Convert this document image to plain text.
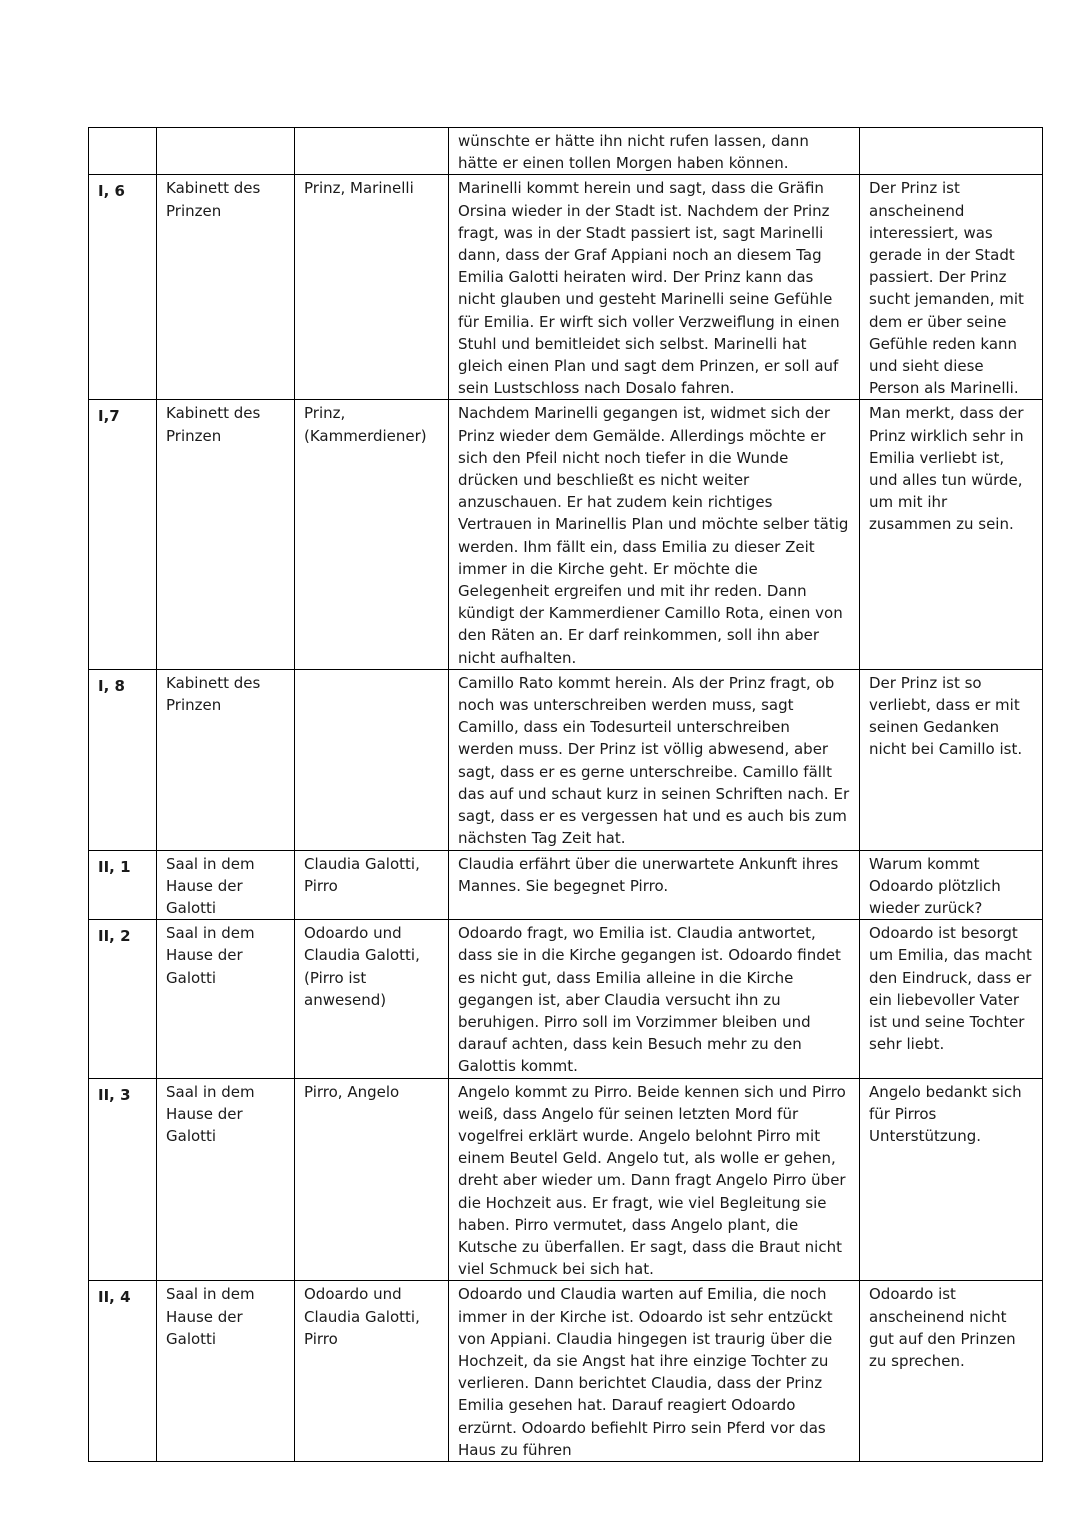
			wünschte er hätte ihn nicht rufen lassen, dann hätte er einen tollen Morgen haben können.	
I, 6	Kabinett des Prinzen	Prinz, Marinelli	Marinelli kommt herein und sagt, dass die Gräfin Orsina wieder in der Stadt ist. Nachdem der Prinz fragt, was in der Stadt passiert ist, sagt Marinelli dann, dass der Graf Appiani noch an diesem Tag Emilia Galotti heiraten wird. Der Prinz kann das nicht glauben und gesteht Marinelli seine Gefühle für Emilia. Er wirft sich voller Verzweiflung in einen Stuhl und bemitleidet sich selbst. Marinelli hat gleich einen Plan und sagt dem Prinzen, er soll auf sein Lustschloss nach Dosalo fahren.	Der Prinz ist anscheinend interessiert, was gerade in der Stadt passiert. Der Prinz sucht jemanden, mit dem er über seine Gefühle reden kann und sieht diese Person als Marinelli.
I,7	Kabinett des Prinzen	Prinz, (Kammerdiener)	Nachdem Marinelli gegangen ist, widmet sich der Prinz wieder dem Gemälde. Allerdings möchte er sich den Pfeil nicht noch tiefer in die Wunde drücken und beschließt es nicht weiter anzuschauen. Er hat zudem kein richtiges Vertrauen in Marinellis Plan und möchte selber tätig werden. Ihm fällt ein, dass Emilia zu dieser Zeit immer in die Kirche geht. Er möchte die Gelegenheit ergreifen und mit ihr reden. Dann kündigt der Kammerdiener Camillo Rota, einen von den Räten an. Er darf reinkommen, soll ihn aber nicht aufhalten.	Man merkt, dass der Prinz wirklich sehr in Emilia verliebt ist, und alles tun würde, um mit ihr zusammen zu sein.
I, 8	Kabinett des Prinzen		Camillo Rato kommt herein. Als der Prinz fragt, ob noch was unterschreiben werden muss, sagt Camillo, dass ein Todesurteil unterschreiben werden muss. Der Prinz ist völlig abwesend, aber sagt, dass er es gerne unterschreibe. Camillo fällt das auf und schaut kurz in seinen Schriften nach. Er sagt, dass er es vergessen hat und es auch bis zum nächsten Tag Zeit hat.	Der Prinz ist so verliebt, dass er mit seinen Gedanken nicht bei Camillo ist.
II, 1	Saal in dem Hause der Galotti	Claudia Galotti, Pirro	Claudia erfährt über die unerwartete Ankunft ihres Mannes. Sie begegnet Pirro.	Warum kommt Odoardo plötzlich wieder zurück?
II, 2	Saal in dem Hause der Galotti	Odoardo und Claudia Galotti, (Pirro ist anwesend)	Odoardo fragt, wo Emilia ist. Claudia antwortet, dass sie in die Kirche gegangen ist. Odoardo findet es nicht gut, dass Emilia alleine in die Kirche gegangen ist, aber Claudia versucht ihn zu beruhigen. Pirro soll im Vorzimmer bleiben und darauf achten, dass kein Besuch mehr zu den Galottis kommt.	Odoardo ist besorgt um Emilia, das macht den Eindruck, dass er ein liebevoller Vater ist und seine Tochter sehr liebt.
II, 3	Saal in dem Hause der Galotti	Pirro, Angelo	Angelo kommt zu Pirro. Beide kennen sich und Pirro weiß, dass Angelo für seinen letzten Mord für vogelfrei erklärt wurde. Angelo belohnt Pirro mit einem Beutel Geld. Angelo tut, als wolle er gehen, dreht aber wieder um. Dann fragt Angelo Pirro über die Hochzeit aus. Er fragt, wie viel Begleitung sie haben. Pirro vermutet, dass Angelo plant, die Kutsche zu überfallen. Er sagt, dass die Braut nicht viel Schmuck bei sich hat.	Angelo bedankt sich für Pirros Unterstützung.
II, 4	Saal in dem Hause der Galotti	Odoardo und Claudia Galotti, Pirro	Odoardo und Claudia warten auf Emilia, die noch immer in der Kirche ist. Odoardo ist sehr entzückt von Appiani. Claudia hingegen ist traurig über die Hochzeit, da sie Angst hat ihre einzige Tochter zu verlieren. Dann berichtet Claudia, dass der Prinz Emilia gesehen hat. Darauf reagiert Odoardo erzürnt. Odoardo befiehlt Pirro sein Pferd vor das Haus zu führen	Odoardo ist anscheinend nicht gut auf den Prinzen zu sprechen.
